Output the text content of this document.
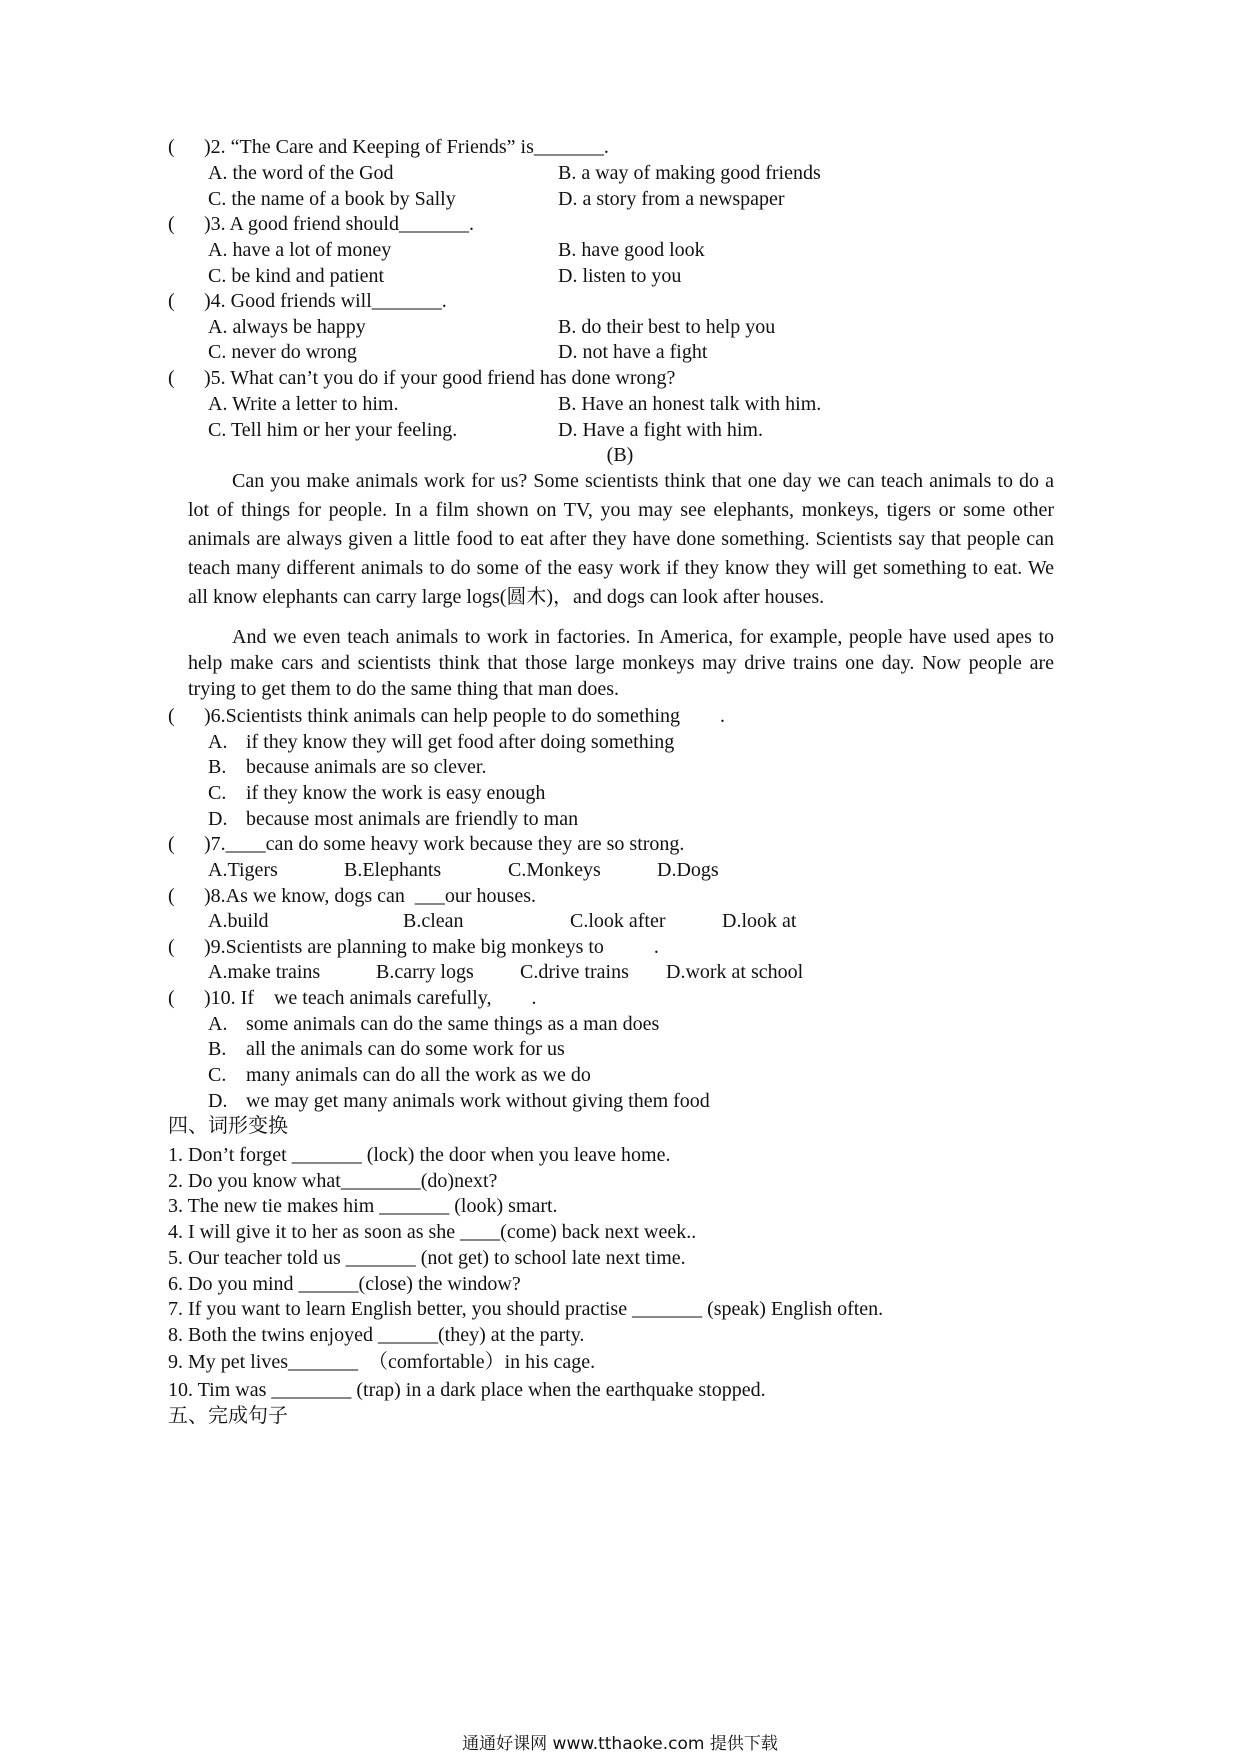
(

)2. “The Care and Keeping of Friends” is_______.

A. the word of the God

	B. a way of making good friends

C. the name of a book by Sally

	D. a story from a newspaper

(

)3. A good friend should_______.

A. have a lot of money

	B. have good look

C. be kind and patient

	D. listen to you

(

)4. Good friends will_______.

A. always be happy

	B. do their best to help you

C. never do wrong

	D. not have a fight

(

)5. What can’t you do if your good friend has done wrong?

A. Write a letter to him.

	B. Have an honest talk with him.

C. Tell him or her your feeling.

	D. Have a fight with him.

(B)
Can you make animals work for us? Some scientists think that one day we can teach animals to do a lot of things for people. In a film shown on TV, you may see elephants, monkeys, tigers or some other animals are always given a little food to eat after they have done something. Scientists say that people can teach many different animals to do some of the easy work if they know they will get something to eat. We all know elephants can carry large logs(圆木)，and dogs can look after houses.
And we even teach animals to work in factories. In America, for example, people have used apes to help make cars and scientists think that those large monkeys may drive trains one day. Now people are trying to get them to do the same thing that man does.

(

)6.Scientists think animals can help people to do something        .

A.

if they know they will get food after doing something

B.

because animals are so clever.

C.

if they know the work is easy enough

D.

because most animals are friendly to man

(

)7.____can do some heavy work because they are so strong.

A.Tigers

	B.Elephants

	C.Monkeys

	D.Dogs

(

)8.As we know, dogs can  ___our houses.

A.build

	B.clean

	C.look after

	D.look at

(

)9.Scientists are planning to make big monkeys to          .

A.make trains

	B.carry logs

C.drive trains

D.work at school

(

)10. If    we teach animals carefully,        .

A.

some animals can do the same things as a man does

B.

all the animals can do some work for us

C.

many animals can do all the work as we do

D.

we may get many animals work without giving them food

四、词形变换

1. Don’t forget _______ (lock) the door when you leave home.
2. Do you know what________(do)next?
3. The new tie makes him _______ (look) smart.
4. I will give it to her as soon as she ____(come) back next week..
5. Our teacher told us _______ (not get) to school late next time.
6. Do you mind ______(close) the window?
7. If you want to learn English better, you should practise _______ (speak) English often.
8. Both the twins enjoyed ______(they) at the party.
9. My pet lives_______  （comfortable）in his cage.
10. Tim was ________ (trap) in a dark place when the earthquake stopped.

五、完成句子

通通好课网 www.tthaoke.com 提供下载
